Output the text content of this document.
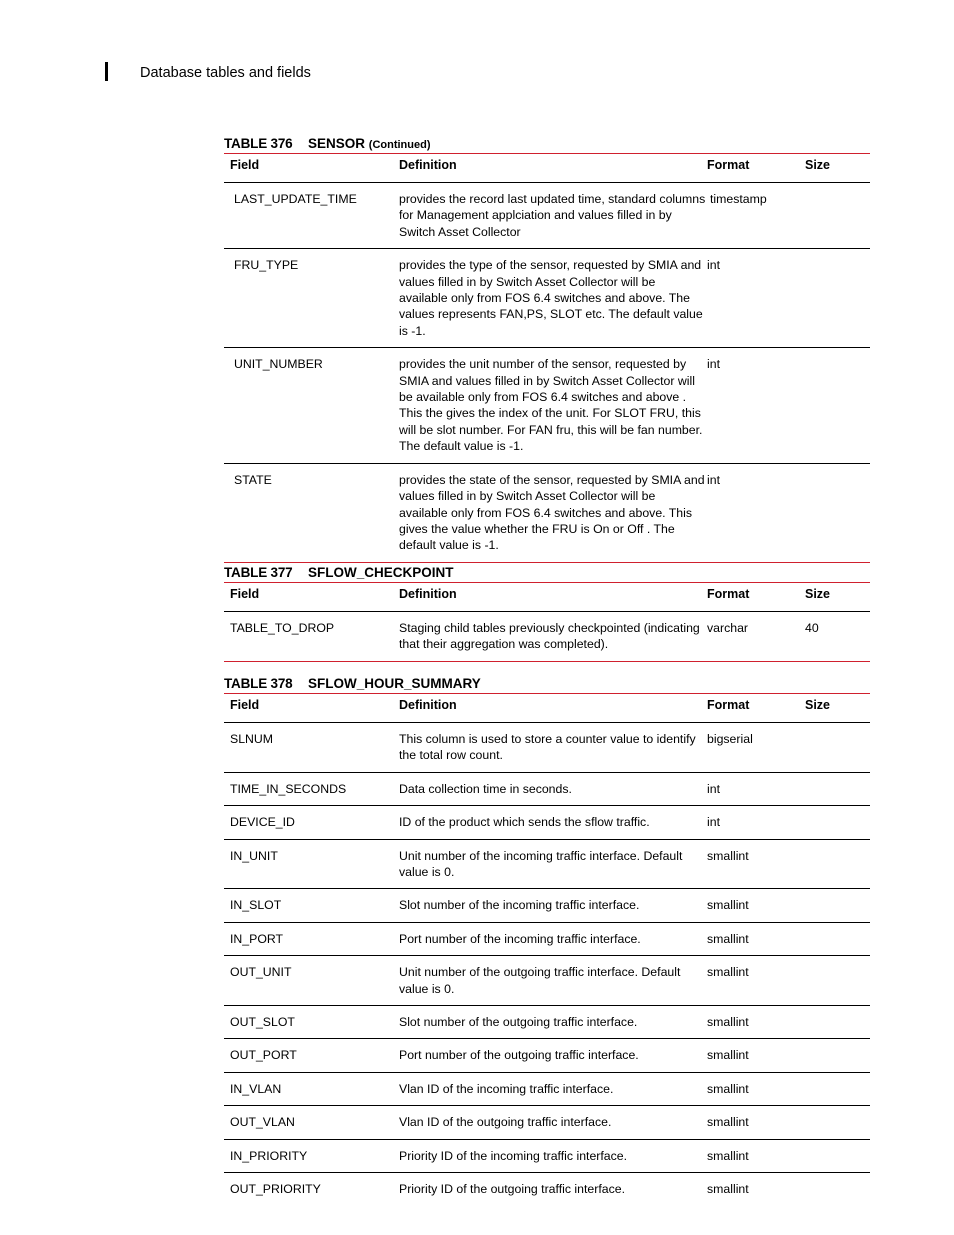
Database tables and fields
TABLE 376 SENSOR (Continued)
Field	Definition	Format	Size
LAST_UPDATE_TIME	provides the record last updated time, standard columns for Management applciation and values filled in by Switch Asset Collector	timestamp	
FRU_TYPE	provides the type of the sensor, requested by SMIA and values filled in by Switch Asset Collector will be available only from FOS 6.4 switches and above. The values represents FAN,PS, SLOT etc. The default value is -1.	int	
UNIT_NUMBER	provides the unit number of the sensor, requested by SMIA and values filled in by Switch Asset Collector will be available only from FOS 6.4 switches and above . This the gives the index of the unit. For SLOT FRU, this will be slot number. For FAN fru, this will be fan number. The default value is -1.	int	
STATE	provides the state of the sensor, requested by SMIA and values filled in by Switch Asset Collector will be available only from FOS 6.4 switches and above. This gives the value whether the FRU is On or Off . The default value is -1.	int	
TABLE 377 SFLOW_CHECKPOINT
Field	Definition	Format	Size
TABLE_TO_DROP	Staging child tables previously checkpointed (indicating that their aggregation was completed).	varchar	40
TABLE 378 SFLOW_HOUR_SUMMARY
Field	Definition	Format	Size
SLNUM	This column is used to store a counter value to identify the total row count.	bigserial	
TIME_IN_SECONDS	Data collection time in seconds.	int	
DEVICE_ID	ID of the product which sends the sflow traffic.	int	
IN_UNIT	Unit number of the incoming traffic interface. Default value is 0.	smallint	
IN_SLOT	Slot number of the incoming traffic interface.	smallint	
IN_PORT	Port number of the incoming traffic interface.	smallint	
OUT_UNIT	Unit number of the outgoing traffic interface. Default value is 0.	smallint	
OUT_SLOT	Slot number of the outgoing traffic interface.	smallint	
OUT_PORT	Port number of the outgoing traffic interface.	smallint	
IN_VLAN	Vlan ID of the incoming traffic interface.	smallint	
OUT_VLAN	Vlan ID of the outgoing traffic interface.	smallint	
IN_PRIORITY	Priority ID of the incoming traffic interface.	smallint	
OUT_PRIORITY	Priority ID of the outgoing traffic interface.	smallint	
